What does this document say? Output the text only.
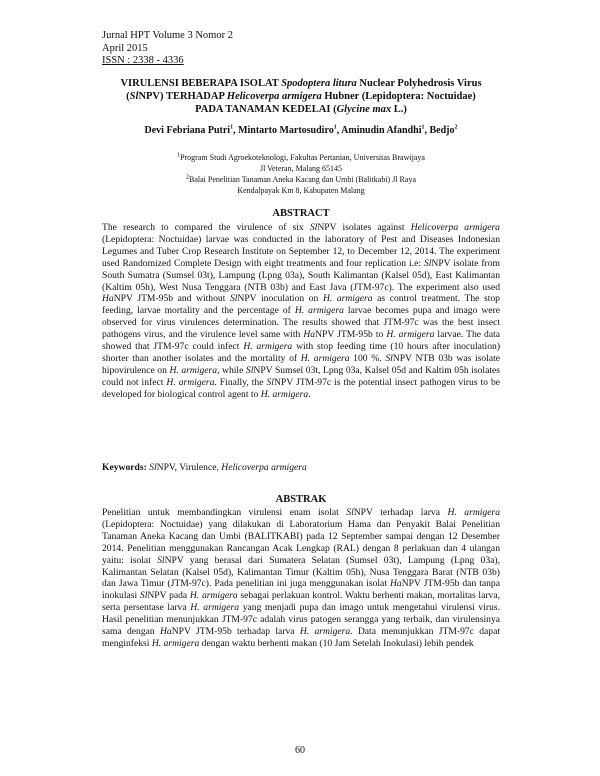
Jurnal HPT Volume 3 Nomor 2
April 2015
ISSN : 2338 - 4336
VIRULENSI BEBERAPA ISOLAT Spodoptera litura Nuclear Polyhedrosis Virus
(SlNPV) TERHADAP Helicoverpa armigera Hubner (Lepidoptera: Noctuidae)
PADA TANAMAN KEDELAI (Glycine max L.)
Devi Febriana Putri$^1$, Mintarto Martosudiro$^1$, Aminudin Afandhi$^1$, Bedjo$^2$
$^1$Program Studi Agroekoteknologi, Fakultas Pertanian, Universitas Brawijaya
Jl Veteran, Malang 65145
$^2$Balai Penelitian Tanaman Aneka Kacang dan Umbi (Balitkabi) Jl Raya
Kendalpayak Km 8, Kabupaten Malang
ABSTRACT
The research to compared the virulence of six SlNPV isolates against Helicoverpa armigera (Lepidoptera: Noctuidae) larvae was conducted in the laboratory of Pest and Diseases Indonesian Legumes and Tuber Crop Research Institute on September 12, to December 12, 2014. The experiment used Randomized Complete Design with eight treatments and four replication i.e: SlNPV isolate from South Sumatra (Sumsel 03t), Lampung (Lpng 03a), South Kalimantan (Kalsel 05d), East Kalimantan (Kaltim 05h), West Nusa Tenggara (NTB 03b) and East Java (JTM-97c). The experiment also used HaNPV JTM-95b and without SlNPV inoculation on H. armigera as control treatment. The stop feeding, larvae mortality and the percentage of H. armigera larvae becomes pupa and imago were observed for virus virulences determination. The results showed that JTM-97c was the best insect pathogens virus, and the virulence level same with HaNPV JTM-95b to H. armigera larvae. The data showed that JTM-97c could infect H. armigera with stop feeding time (10 hours after inoculation) shorter than another isolates and the mortality of H. armigera 100 %. SlNPV NTB 03b was isolate hipovirulence on H. armigera, while SlNPV Sumsel 03t, Lpng 03a, Kalsel 05d and Kaltim 05h isolates could not infect H. armigera. Finally, the SlNPV JTM-97c is the potential insect pathogen virus to be developed for biological control agent to H. armigera.
Keywords: SlNPV, Virulence, Helicoverpa armigera
ABSTRAK
Penelitian untuk membandingkan virulensi enam isolat SlNPV terhadap larva H. armigera (Lepidoptera: Noctuidae) yang dilakukan di Laboratorium Hama dan Penyakit Balai Penelitian Tanaman Aneka Kacang dan Umbi (BALITKABI) pada 12 September sampai dengan 12 Desember 2014. Penelitian menggunakan Rancangan Acak Lengkap (RAL) dengan 8 perlakuan dan 4 ulangan yaitu: isolat SlNPV yang berasal dari Sumatera Selatan (Sumsel 03t), Lampung (Lpng 03a), Kalimantan Selatan (Kalsel 05d), Kalimantan Timur (Kaltim 05h), Nusa Tenggara Barat (NTB 03b) dan Jawa Timur (JTM-97c). Pada penelitian ini juga menggunakan isolat HaNPV JTM-95b dan tanpa inokulasi SlNPV pada H. armigera sebagai perlakuan kontrol. Waktu berhenti makan, mortalitas larva, serta persentase larva H. armigera yang menjadi pupa dan imago untuk mengetahui virulensi virus. Hasil penelitian menunjukkan JTM-97c adalah virus patogen serangga yang terbaik, dan virulensinya sama dengan HaNPV JTM-95b terhadap larva H. armigera. Data menunjukkan JTM-97c dapat menginfeksi H. armigera dengan waktu berhenti makan (10 Jam Setelah Inokulasi) lebih pendek
60
